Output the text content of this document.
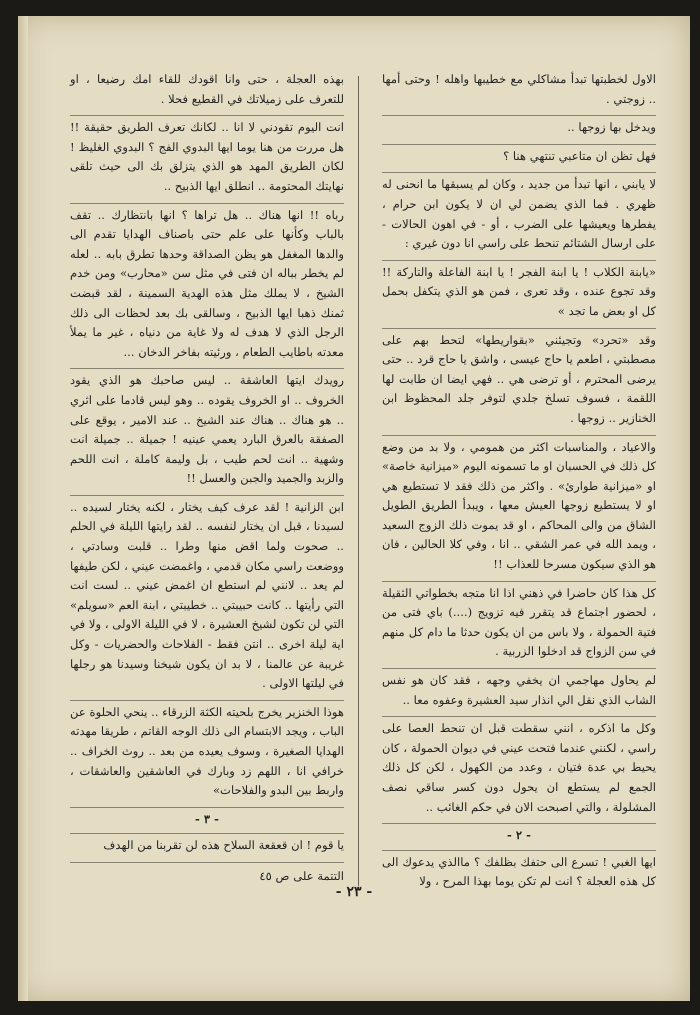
الاول لخطبتها تبدأ مشاكلي مع خطيبها واهله ! وحتى أمها .. زوجتي .

ويدخل بها زوجها ..

فهل تظن ان متاعبي تنتهي هنا ؟

لا يابني ، انها تبدأ من جديد ، وكان لم يسبقها ما انحنى له ظهري . فما الذي يضمن لي ان لا يكون ابن حرام ، يفطرها ويعيشها على الضرب ، أو - في اهون الحالات - على ارسال الشتائم تنحط على راسي انا دون غيري :

«يابنة الكلاب ! يا ابنة الفجر ! يا ابنة الفاعلة والتاركة !! وقد تجوع عنده ، وقد تعرى ، فمن هو الذي يتكفل بحمل كل او بعض ما تجد »

وقد «تحرد» وتجيئني «بقواريطها» لتحط بهم على مصطبتي ، اطعم يا حاج عيسى ، واشق يا حاج قرد .. حتى يرضى المحترم ، أو ترضى هي .. فهي ايضا ان طابت لها اللقمة ، فسوف تسلخ جلدي لتوفر جلد المحظوظ ابن الخنازير .. زوجها .

والاعياد ، والمناسبات اكثر من همومي ، ولا بد من وضع كل ذلك في الحسبان او ما تسمونه اليوم «ميزانية خاصة» او «ميزانية طوارئ» . واكثر من ذلك فقد لا تستطيع هي او لا يستطيع زوجها العيش معها ، ويبدأ الطريق الطويل الشاق من والى المحاكم ، او قد يموت ذلك الزوج السعيد ، ويمد الله في عمر الشقي .. انا ، وفي كلا الحالين ، فان هو الذي سيكون مسرحا للعذاب !!

كل هذا كان حاضرا في ذهني اذا انا متجه بخطواتي الثقيلة ، لحضور اجتماع قد يتقرر فيه تزويج (....) باي فتى من فتية الحمولة ، ولا باس من ان يكون حدثا ما دام كل منهم في سن الزواج قد ادخلوا الزربية .

لم يحاول مهاجمي ان يخفي وجهه ، فقد كان هو نفس الشاب الذي نقل الي انذار سيد العشيرة وعفوه معا ..

وكل ما اذكره ، انني سقطت قبل ان تنحط العصا على راسي ، لكنني عندما فتحت عيني في ديوان الحمولة ، كان يحيط بي عدة فتيان ، وعدد من الكهول ، لكن كل ذلك الجمع لم يستطع ان يحول دون كسر ساقي نصف المشلولة ، والتي اصبحت الان في حكم الغائب ..

- ٢ -

ايها الغبي ! تسرع الى حتفك بظلفك ؟ ماالذي يدعوك الى كل هذه العجلة ؟ انت لم تكن يوما بهذا المرح ، ولا

بهذه العجلة ، حتى وانا اقودك للقاء امك رضيعا ، او للتعرف على زميلاتك في القطيع فحلا .

انت اليوم تقودني لا انا .. لكانك تعرف الطريق حقيقة !! هل مررت من هنا يوما ايها البدوي الفج ؟ البدوي الغليظ ! لكان الطريق المهد هو الذي يتزلق بك الى حيث تلقى نهايتك المحتومة .. انطلق ايها الذبيح ..

رباه !! انها هناك .. هل تراها ؟ انها بانتظارك .. تقف بالباب وكأنها على علم حتى باصناف الهدايا تقدم الى والدها المغفل هو يظن الصداقة وحدها تطرق بابه .. لعله لم يخطر بباله ان فتى في مثل سن «محارب» ومن خدم الشيخ ، لا يملك مثل هذه الهدية السمينة ، لقد قبضت ثمنك ذهبا ايها الذبيح ، وسالقى بك بعد لحظات الى ذلك الرجل الذي لا هدف له ولا غاية من دنياه ، غير ما يملأ معدته باطايب الطعام ، ورئيته بفاخر الدخان ...

رويدك ايتها العاشقة .. ليس صاحبك هو الذي يقود الخروف .. او الخروف يقوده .. وهو ليس قادما على اثري .. هو هناك .. هناك عند الشيخ .. عند الامير ، يوقع على الصفقة بالعرق البارد يعمي عينيه ! جميلة .. جميلة انت وشهية .. انت لحم طيب ، بل وليمة كاملة ، انت اللحم والزبد والجميد والجبن والعسل !!

ابن الزانية ! لقد عرف كيف يختار ، لكنه يختار لسيده .. لسيدنا ، قبل ان يختار لنفسه .. لقد رايتها الليلة في الحلم .. صحوت ولما اقض منها وطرا .. قلبت وسادتي ، ووضعت راسي مكان قدمي ، واغمضت عيني ، لكن طيفها لم يعد .. لانني لم استطع ان اغمض عيني .. لست انت التي رأيتها .. كانت حبيبتي .. خطيبتي ، ابنة العم «سويلم» التي لن تكون لشيخ العشيرة ، لا في الليلة الاولى ، ولا في اية ليلة اخرى .. انتن فقط - الفلاحات والحضريات - وكل غريبة عن عالمنا ، لا بد ان يكون شيخنا وسيدنا هو رجلها في ليلتها الاولى .

هوذا الخنزير يخرج بلحيته الكثة الزرقاء .. ينحي الحلوة عن الباب ، ويجد الابتسام الى ذلك الوجه القاتم ، طريقا مهدته الهدايا الصغيرة ، وسوف يعيده من بعد .. روث الخراف .. خرافي انا ، اللهم زد وبارك في العاشقين والعاشقات ، واربط بين البدو والفلاحات»

- ٣ -

يا قوم ! ان قعقعة السلاح هذه لن تقربنا من الهدف

التتمة على ص ٤٥
- ٢٣ -
